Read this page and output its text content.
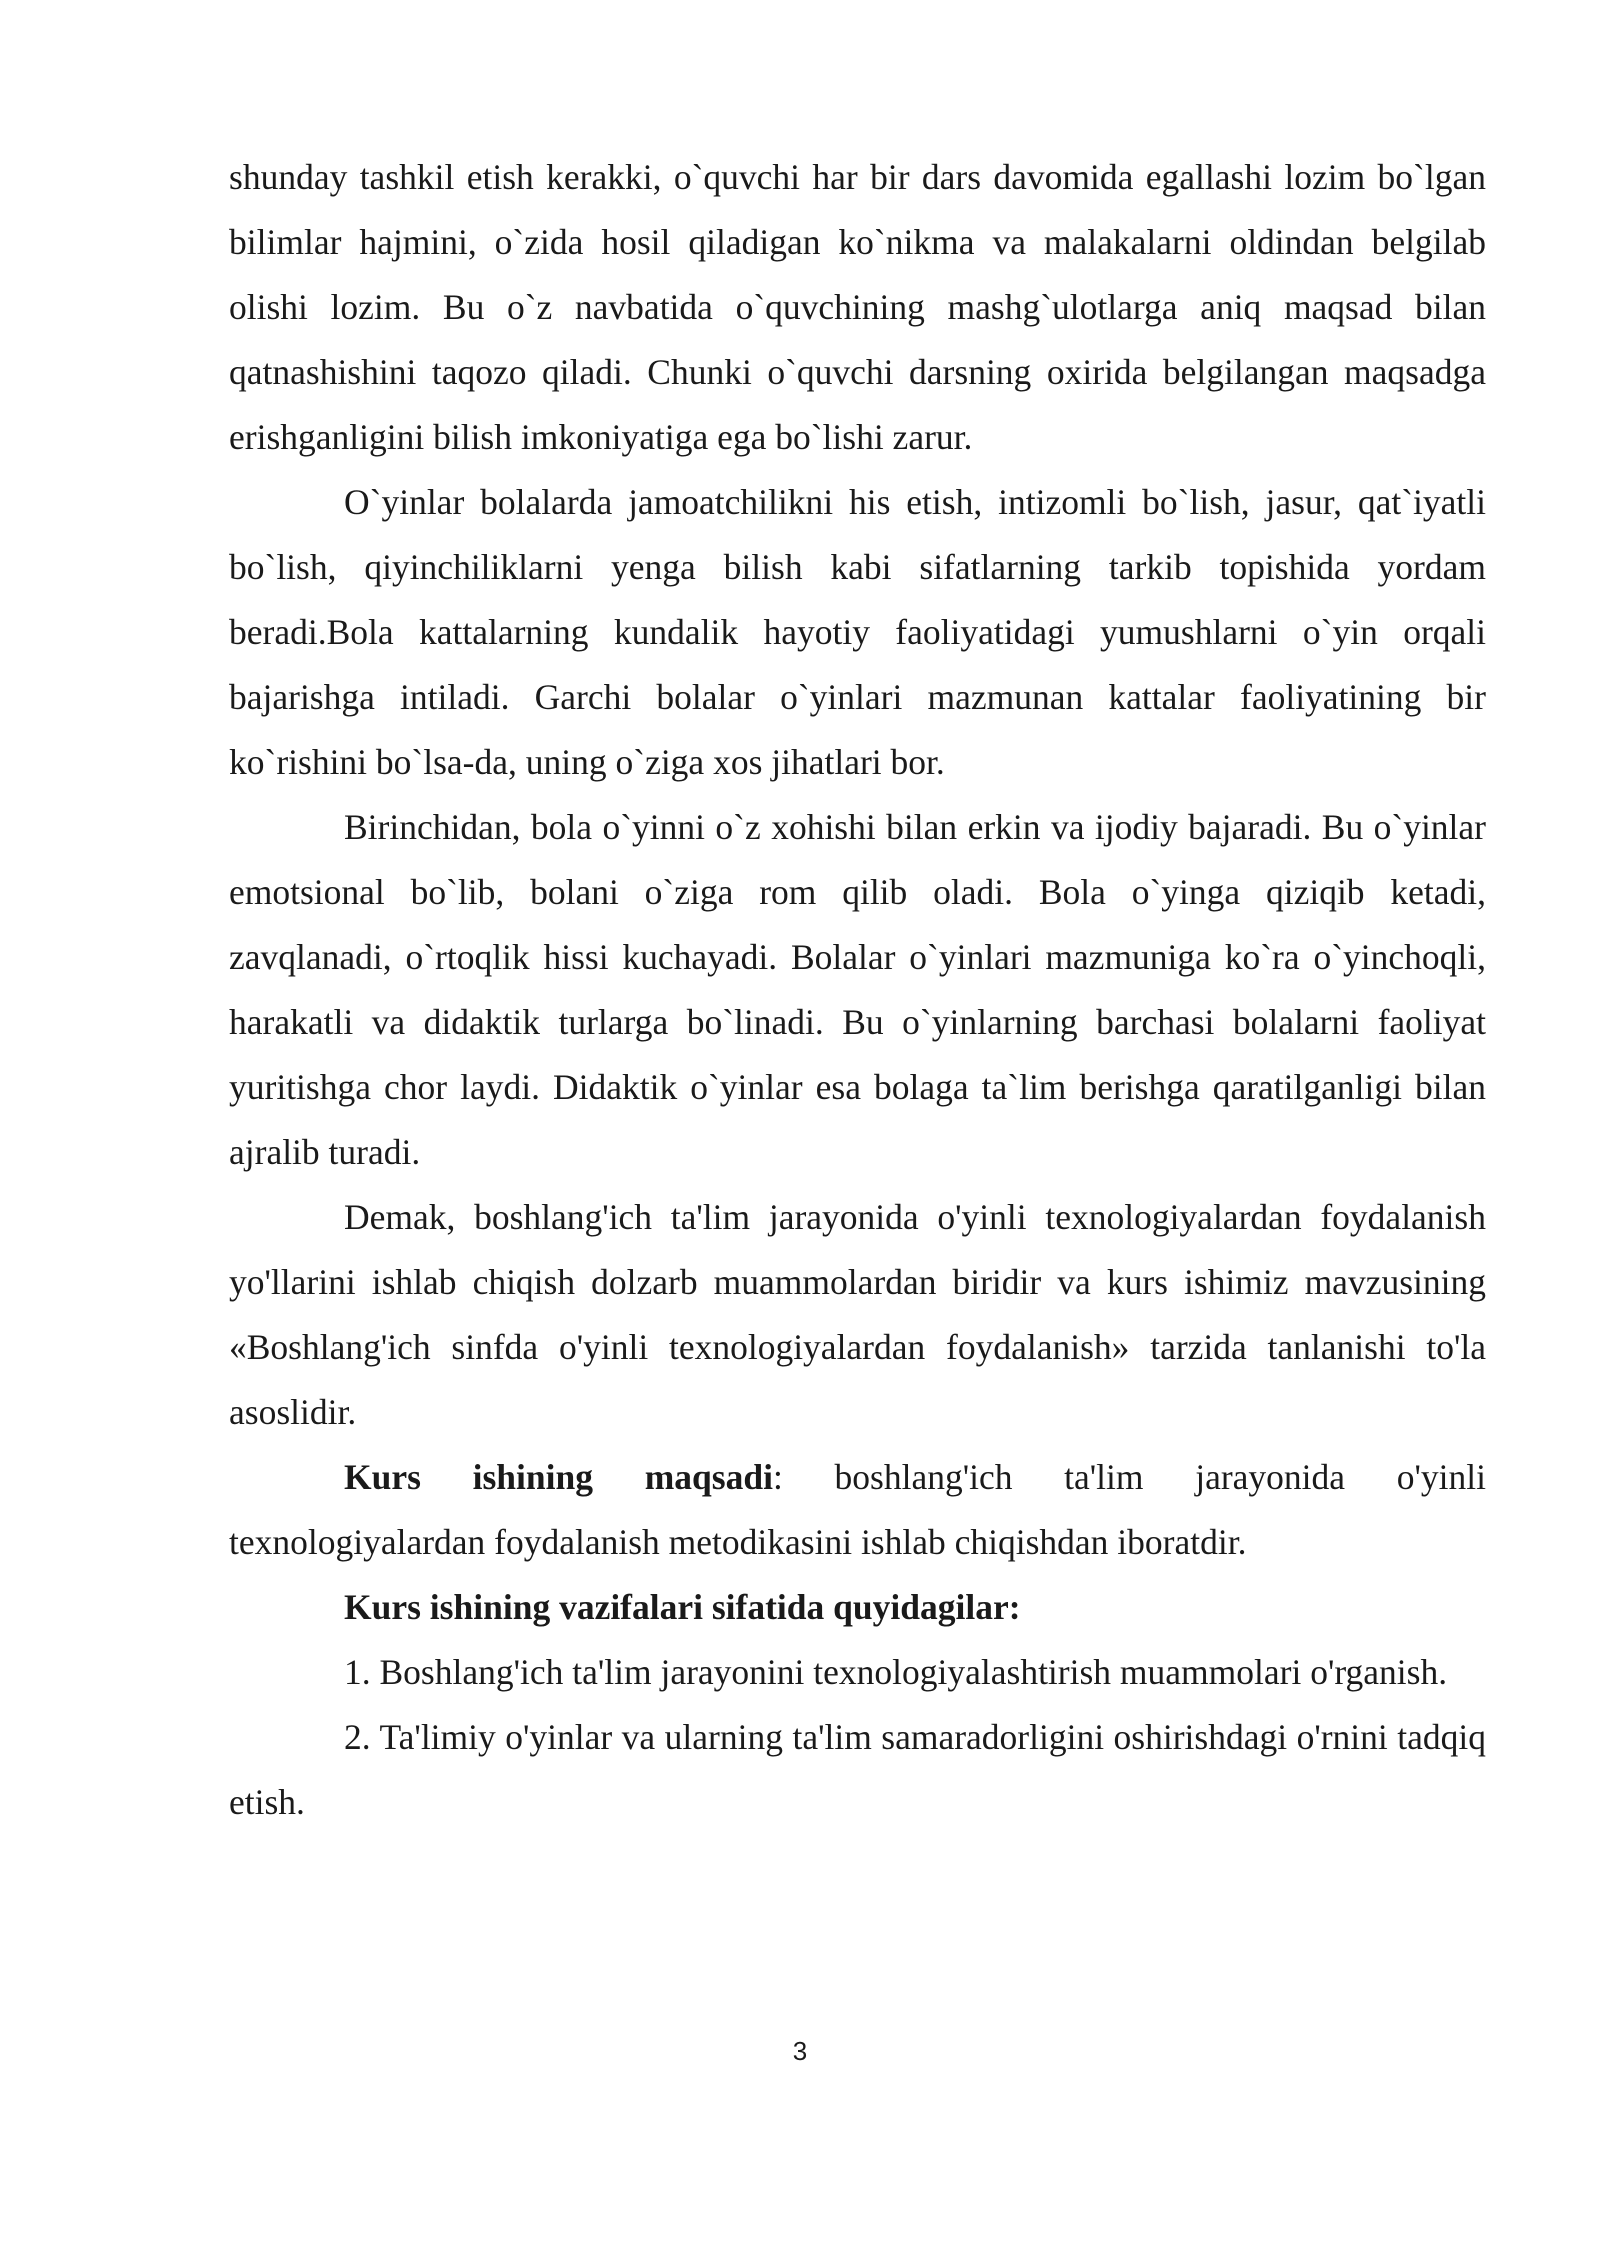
shunday tashkil etish kerakki, o`quvchi har bir dars davomida egallashi lozim bo`lgan bilimlar hajmini, o`zida hosil qiladigan ko`nikma va malakalarni oldindan belgilab olishi lozim. Bu o`z navbatida o`quvchining mashg`ulotlarga aniq maqsad bilan qatnashishini taqozo qiladi. Chunki o`quvchi darsning oxirida belgilangan maqsadga erishganligini bilish imkoniyatiga ega bo`lishi zarur.

O`yinlar bolalarda jamoatchilikni his etish, intizomli bo`lish, jasur, qat`iyatli bo`lish, qiyinchiliklarni yenga bilish kabi sifatlarning tarkib topishida yordam beradi.Bola kattalarning kundalik hayotiy faoliyatidagi yumushlarni o`yin orqali bajarishga intiladi. Garchi bolalar o`yinlari mazmunan kattalar faoliyatining bir ko`rishini bo`lsa-da, uning o`ziga xos jihatlari bor.

Birinchidan, bola o`yinni o`z xohishi bilan erkin va ijodiy bajaradi. Bu o`yinlar emotsional bo`lib, bolani o`ziga rom qilib oladi. Bola o`yinga qiziqib ketadi, zavqlanadi, o`rtoqlik hissi kuchayadi. Bolalar o`yinlari mazmuniga ko`ra o`yinchoqli, harakatli va didaktik turlarga bo`linadi. Bu o`yinlarning barchasi bolalarni faoliyat yuritishga chor laydi. Didaktik o`yinlar esa bolaga ta`lim berishga qaratilganligi bilan ajralib turadi.

Demak, boshlang'ich ta'lim jarayonida o'yinli texnologiyalardan foydalanish yo'llarini ishlab chiqish dolzarb muammolardan biridir va kurs ishimiz mavzusining «Boshlang'ich sinfda o'yinli texnologiyalardan foydalanish» tarzida tanlanishi to'la asoslidir.

Kurs ishining maqsadi: boshlang'ich ta'lim jarayonida o'yinli texnologiyalardan foydalanish metodikasini ishlab chiqishdan iboratdir.

Kurs ishining vazifalari sifatida quyidagilar:

1. Boshlang'ich ta'lim jarayonini texnologiyalashtirish muammolari o'rganish.

2. Ta'limiy o'yinlar va ularning ta'lim samaradorligini oshirishdagi o'rnini tadqiq etish.

3
